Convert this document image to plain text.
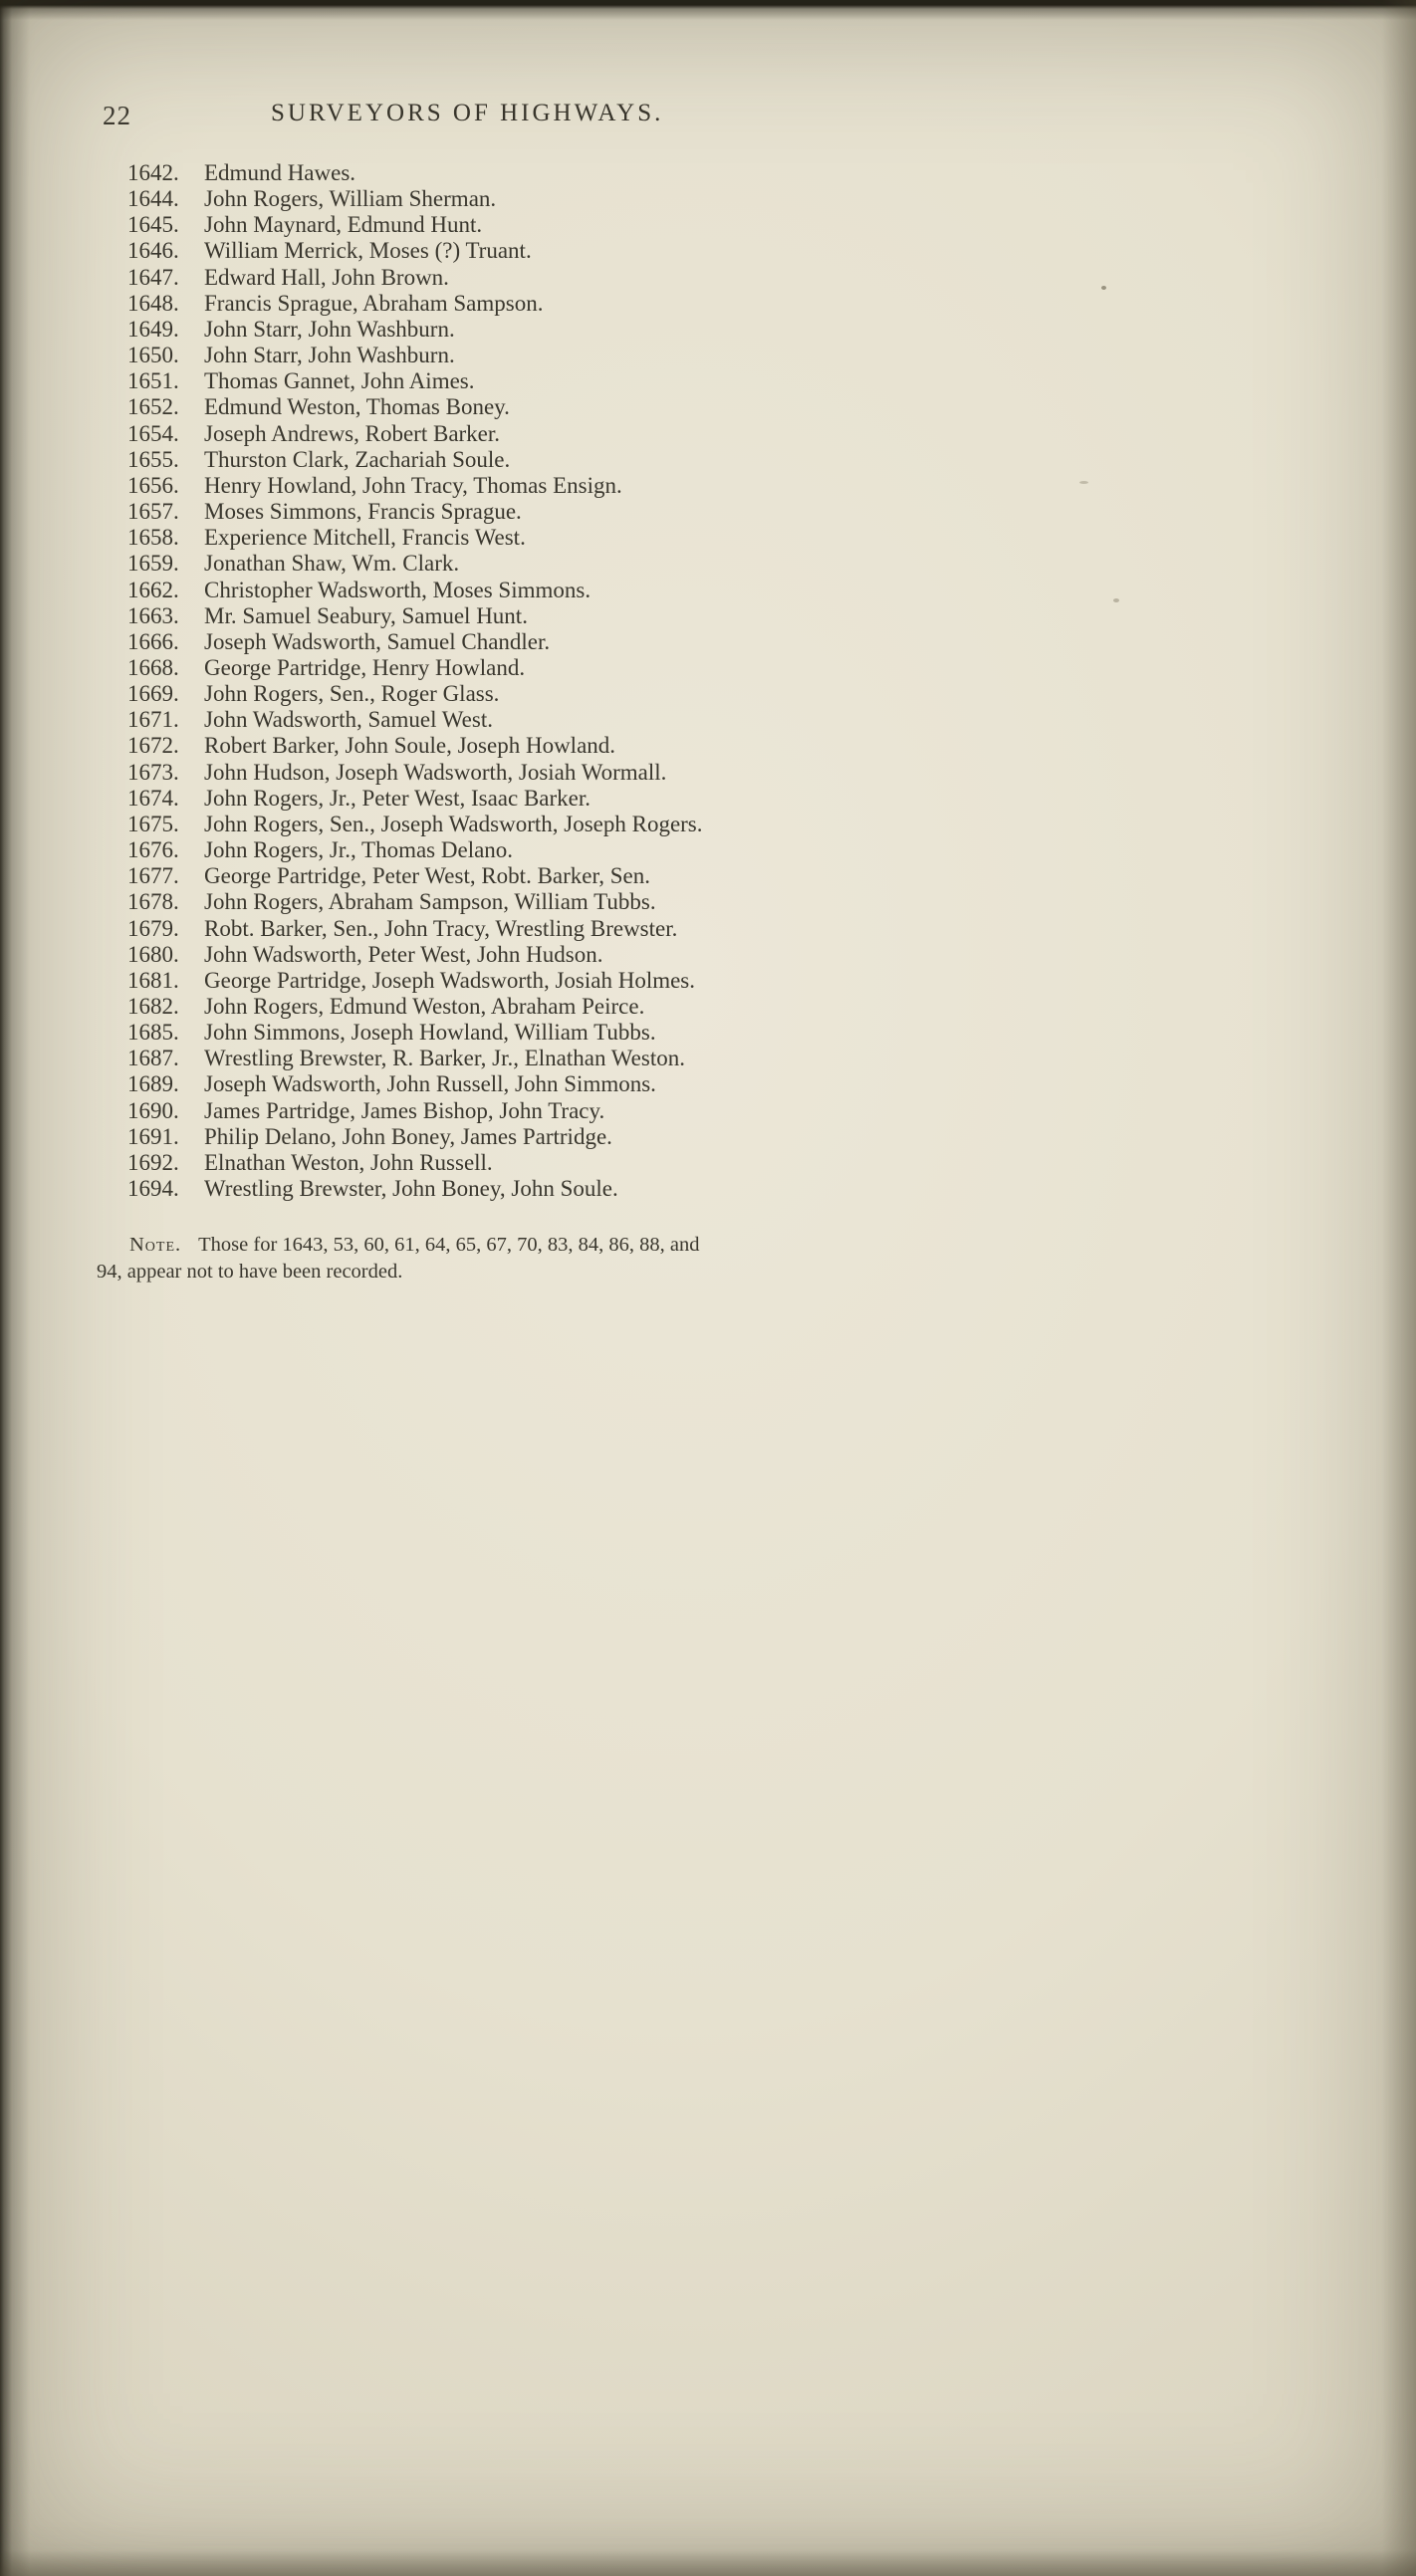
22	SURVEYORS OF HIGHWAYS.
1642.	Edmund Hawes.
1644.	John Rogers, William Sherman.
1645.	John Maynard, Edmund Hunt.
1646.	William Merrick, Moses (?) Truant.
1647.	Edward Hall, John Brown.
1648.	Francis Sprague, Abraham Sampson.
1649.	John Starr, John Washburn.
1650.	John Starr, John Washburn.
1651.	Thomas Gannet, John Aimes.
1652.	Edmund Weston, Thomas Boney.
1654.	Joseph Andrews, Robert Barker.
1655.	Thurston Clark, Zachariah Soule.
1656.	Henry Howland, John Tracy, Thomas Ensign.
1657.	Moses Simmons, Francis Sprague.
1658.	Experience Mitchell, Francis West.
1659.	Jonathan Shaw, Wm. Clark.
1662.	Christopher Wadsworth, Moses Simmons.
1663.	Mr. Samuel Seabury, Samuel Hunt.
1666.	Joseph Wadsworth, Samuel Chandler.
1668.	George Partridge, Henry Howland.
1669.	John Rogers, Sen., Roger Glass.
1671.	John Wadsworth, Samuel West.
1672.	Robert Barker, John Soule, Joseph Howland.
1673.	John Hudson, Joseph Wadsworth, Josiah Wormall.
1674.	John Rogers, Jr., Peter West, Isaac Barker.
1675.	John Rogers, Sen., Joseph Wadsworth, Joseph Rogers.
1676.	John Rogers, Jr., Thomas Delano.
1677.	George Partridge, Peter West, Robt. Barker, Sen.
1678.	John Rogers, Abraham Sampson, William Tubbs.
1679.	Robt. Barker, Sen., John Tracy, Wrestling Brewster.
1680.	John Wadsworth, Peter West, John Hudson.
1681.	George Partridge, Joseph Wadsworth, Josiah Holmes.
1682.	John Rogers, Edmund Weston, Abraham Peirce.
1685.	John Simmons, Joseph Howland, William Tubbs.
1687.	Wrestling Brewster, R. Barker, Jr., Elnathan Weston.
1689.	Joseph Wadsworth, John Russell, John Simmons.
1690.	James Partridge, James Bishop, John Tracy.
1691.	Philip Delano, John Boney, James Partridge.
1692.	Elnathan Weston, John Russell.
1694.	Wrestling Brewster, John Boney, John Soule.

Note. Those for 1643, 53, 60, 61, 64, 65, 67, 70, 83, 84, 86, 88, and
94, appear not to have been recorded.
